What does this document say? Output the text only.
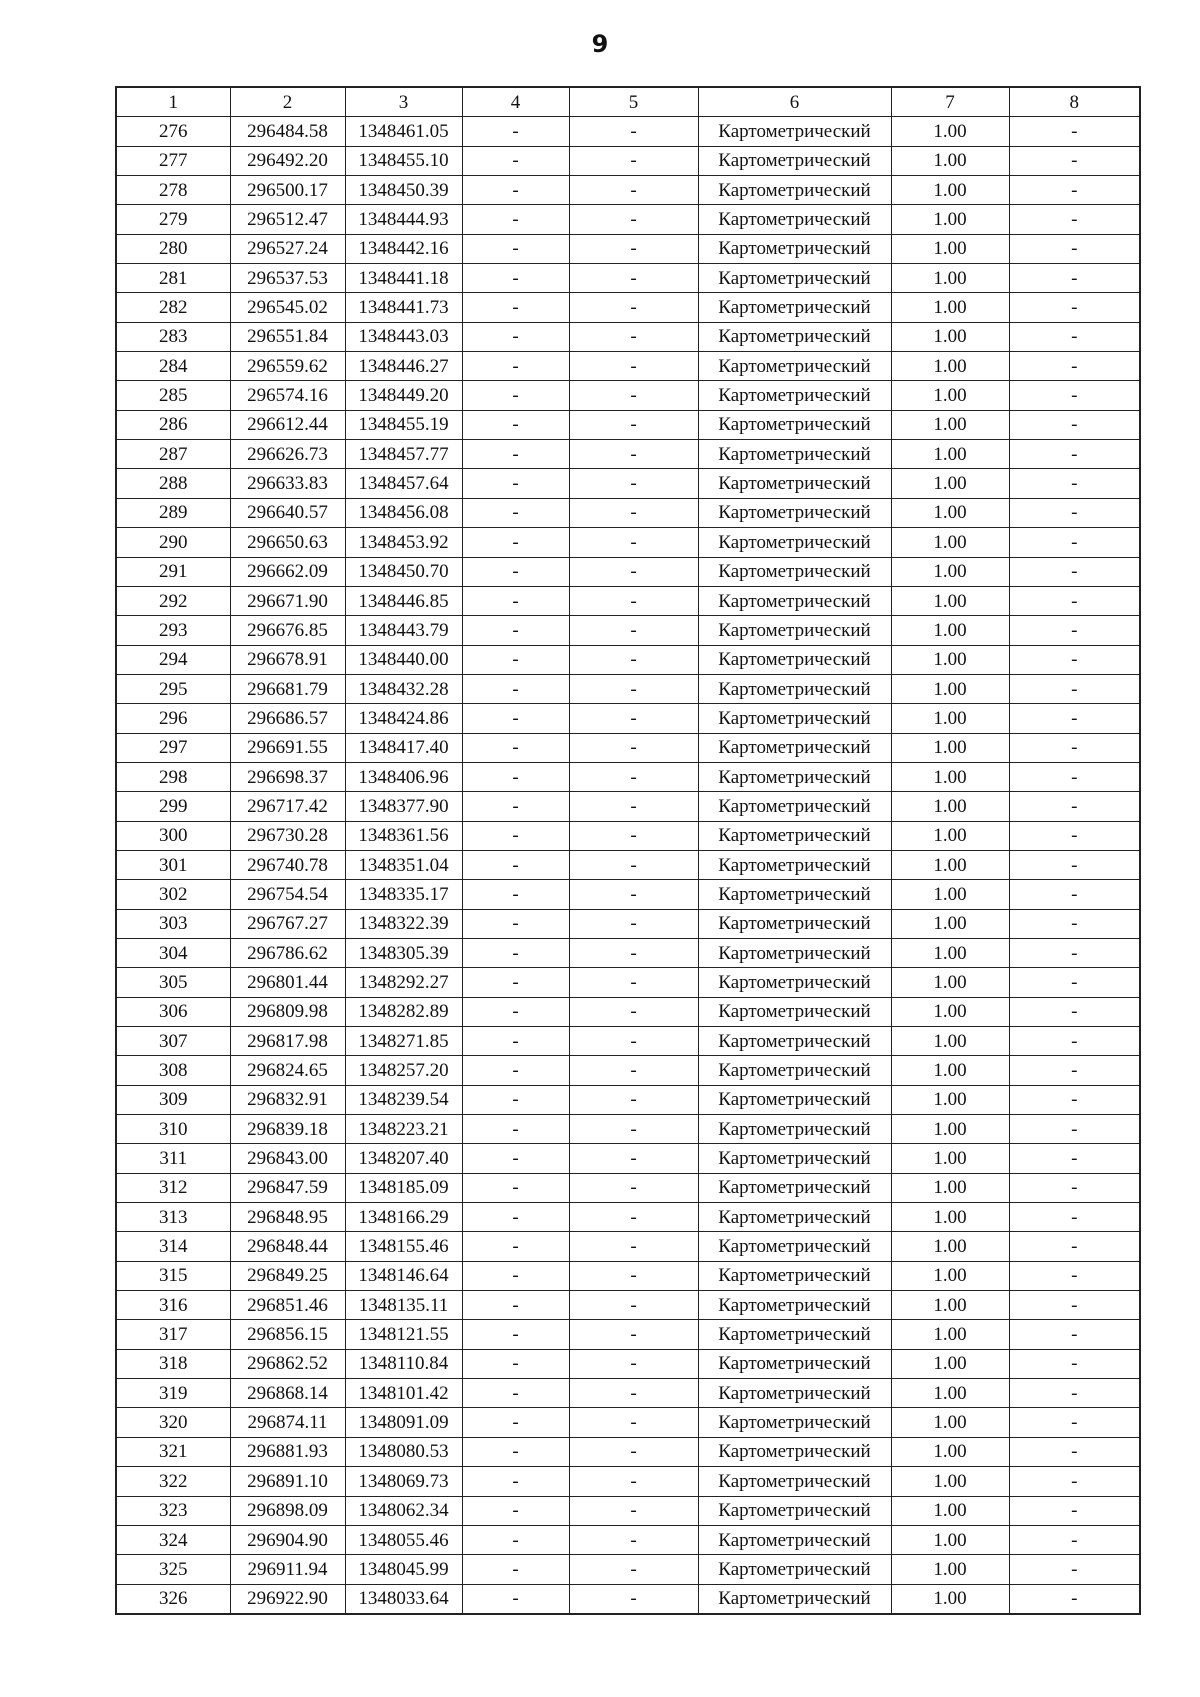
9
1	2	3	4	5	6	7	8
276	296484.58	1348461.05	-	-	Картометрический	1.00	-
277	296492.20	1348455.10	-	-	Картометрический	1.00	-
278	296500.17	1348450.39	-	-	Картометрический	1.00	-
279	296512.47	1348444.93	-	-	Картометрический	1.00	-
280	296527.24	1348442.16	-	-	Картометрический	1.00	-
281	296537.53	1348441.18	-	-	Картометрический	1.00	-
282	296545.02	1348441.73	-	-	Картометрический	1.00	-
283	296551.84	1348443.03	-	-	Картометрический	1.00	-
284	296559.62	1348446.27	-	-	Картометрический	1.00	-
285	296574.16	1348449.20	-	-	Картометрический	1.00	-
286	296612.44	1348455.19	-	-	Картометрический	1.00	-
287	296626.73	1348457.77	-	-	Картометрический	1.00	-
288	296633.83	1348457.64	-	-	Картометрический	1.00	-
289	296640.57	1348456.08	-	-	Картометрический	1.00	-
290	296650.63	1348453.92	-	-	Картометрический	1.00	-
291	296662.09	1348450.70	-	-	Картометрический	1.00	-
292	296671.90	1348446.85	-	-	Картометрический	1.00	-
293	296676.85	1348443.79	-	-	Картометрический	1.00	-
294	296678.91	1348440.00	-	-	Картометрический	1.00	-
295	296681.79	1348432.28	-	-	Картометрический	1.00	-
296	296686.57	1348424.86	-	-	Картометрический	1.00	-
297	296691.55	1348417.40	-	-	Картометрический	1.00	-
298	296698.37	1348406.96	-	-	Картометрический	1.00	-
299	296717.42	1348377.90	-	-	Картометрический	1.00	-
300	296730.28	1348361.56	-	-	Картометрический	1.00	-
301	296740.78	1348351.04	-	-	Картометрический	1.00	-
302	296754.54	1348335.17	-	-	Картометрический	1.00	-
303	296767.27	1348322.39	-	-	Картометрический	1.00	-
304	296786.62	1348305.39	-	-	Картометрический	1.00	-
305	296801.44	1348292.27	-	-	Картометрический	1.00	-
306	296809.98	1348282.89	-	-	Картометрический	1.00	-
307	296817.98	1348271.85	-	-	Картометрический	1.00	-
308	296824.65	1348257.20	-	-	Картометрический	1.00	-
309	296832.91	1348239.54	-	-	Картометрический	1.00	-
310	296839.18	1348223.21	-	-	Картометрический	1.00	-
311	296843.00	1348207.40	-	-	Картометрический	1.00	-
312	296847.59	1348185.09	-	-	Картометрический	1.00	-
313	296848.95	1348166.29	-	-	Картометрический	1.00	-
314	296848.44	1348155.46	-	-	Картометрический	1.00	-
315	296849.25	1348146.64	-	-	Картометрический	1.00	-
316	296851.46	1348135.11	-	-	Картометрический	1.00	-
317	296856.15	1348121.55	-	-	Картометрический	1.00	-
318	296862.52	1348110.84	-	-	Картометрический	1.00	-
319	296868.14	1348101.42	-	-	Картометрический	1.00	-
320	296874.11	1348091.09	-	-	Картометрический	1.00	-
321	296881.93	1348080.53	-	-	Картометрический	1.00	-
322	296891.10	1348069.73	-	-	Картометрический	1.00	-
323	296898.09	1348062.34	-	-	Картометрический	1.00	-
324	296904.90	1348055.46	-	-	Картометрический	1.00	-
325	296911.94	1348045.99	-	-	Картометрический	1.00	-
326	296922.90	1348033.64	-	-	Картометрический	1.00	-
